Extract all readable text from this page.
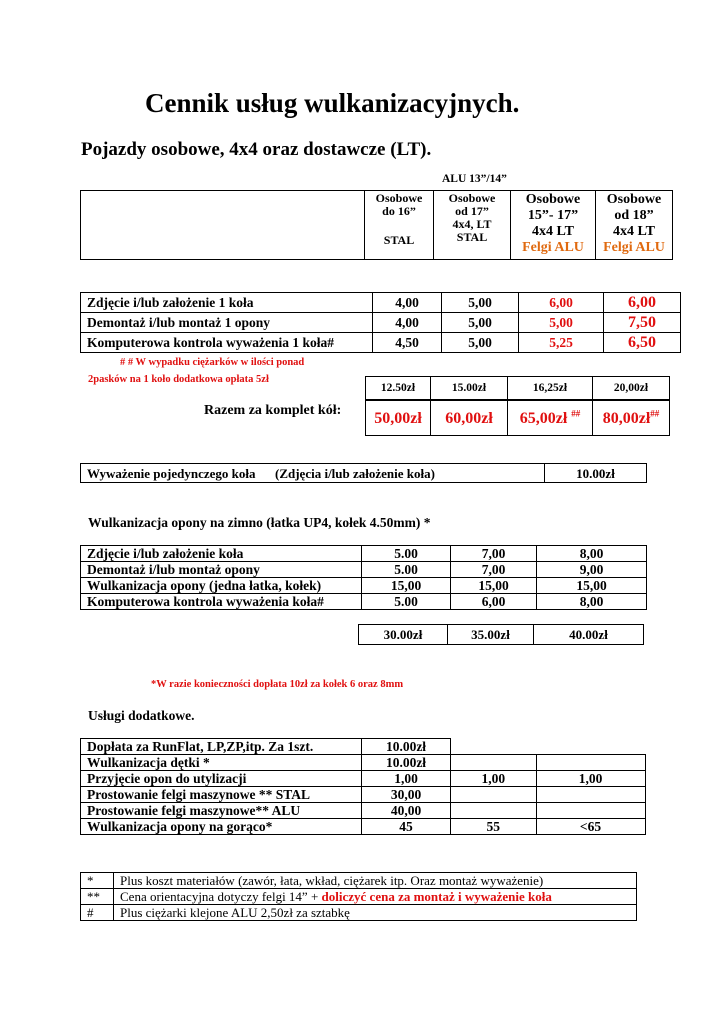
Cennik usług wulkanizacyjnych.
Pojazdy osobowe, 4x4 oraz dostawcze (LT).
ALU 13”/14”

Osobowe
do 16”
STAL

Osobowe
od 17”
4x4, LT
STAL

Osobowe
15”- 17”
4x4 LT
Felgi ALU

Osobowe
od 18”
4x4 LT
Felgi ALU
Zdjęcie i/lub założenie 1 koła	4,00	5,00	6,00	6,00
Demontaż i/lub montaż 1 opony	4,00	5,00	5,00	7,50
Komputerowa kontrola wyważenia 1 koła#	4,50	5,00	5,25	6,50
# # W wypadku ciężarków w ilości ponad
2pasków na 1 koło dodatkowa opłata 5zł
Razem za komplet kół:
12.50zł	15.00zł	16,25zł	20,00zł
50,00zł	60,00zł	65,00zł ##	80,00zł##
Wyważenie pojedynczego koła      (Zdjęcia i/lub założenie koła)	10.00zł
Wulkanizacja opony na zimno (łatka UP4, kołek 4.50mm) *
Zdjęcie i/lub założenie koła	5.00	7,00	8,00
Demontaż i/lub montaż opony	5.00	7,00	9,00
Wulkanizacja opony (jedna łatka, kołek)	15,00	15,00	15,00
Komputerowa kontrola wyważenia koła#	5.00	6,00	8,00
30.00zł	35.00zł	40.00zł
*W razie konieczności dopłata 10zł za kołek 6 oraz 8mm
Usługi dodatkowe.
Dopłata za RunFlat, LP,ZP,itp. Za 1szt.	10.00zł		
Wulkanizacja dętki *	10.00zł		
Przyjęcie opon do utylizacji	1,00	1,00	1,00
Prostowanie felgi maszynowe ** STAL	30,00		
Prostowanie felgi maszynowe** ALU	40,00		
Wulkanizacja opony na gorąco*	45	55	<65
*	Plus koszt materiałów (zawór, łata, wkład, ciężarek itp. Oraz montaż wyważenie)
**	Cena orientacyjna dotyczy felgi 14” + doliczyć cena za montaż i wyważenie koła
#	Plus ciężarki klejone ALU 2,50zł za sztabkę
